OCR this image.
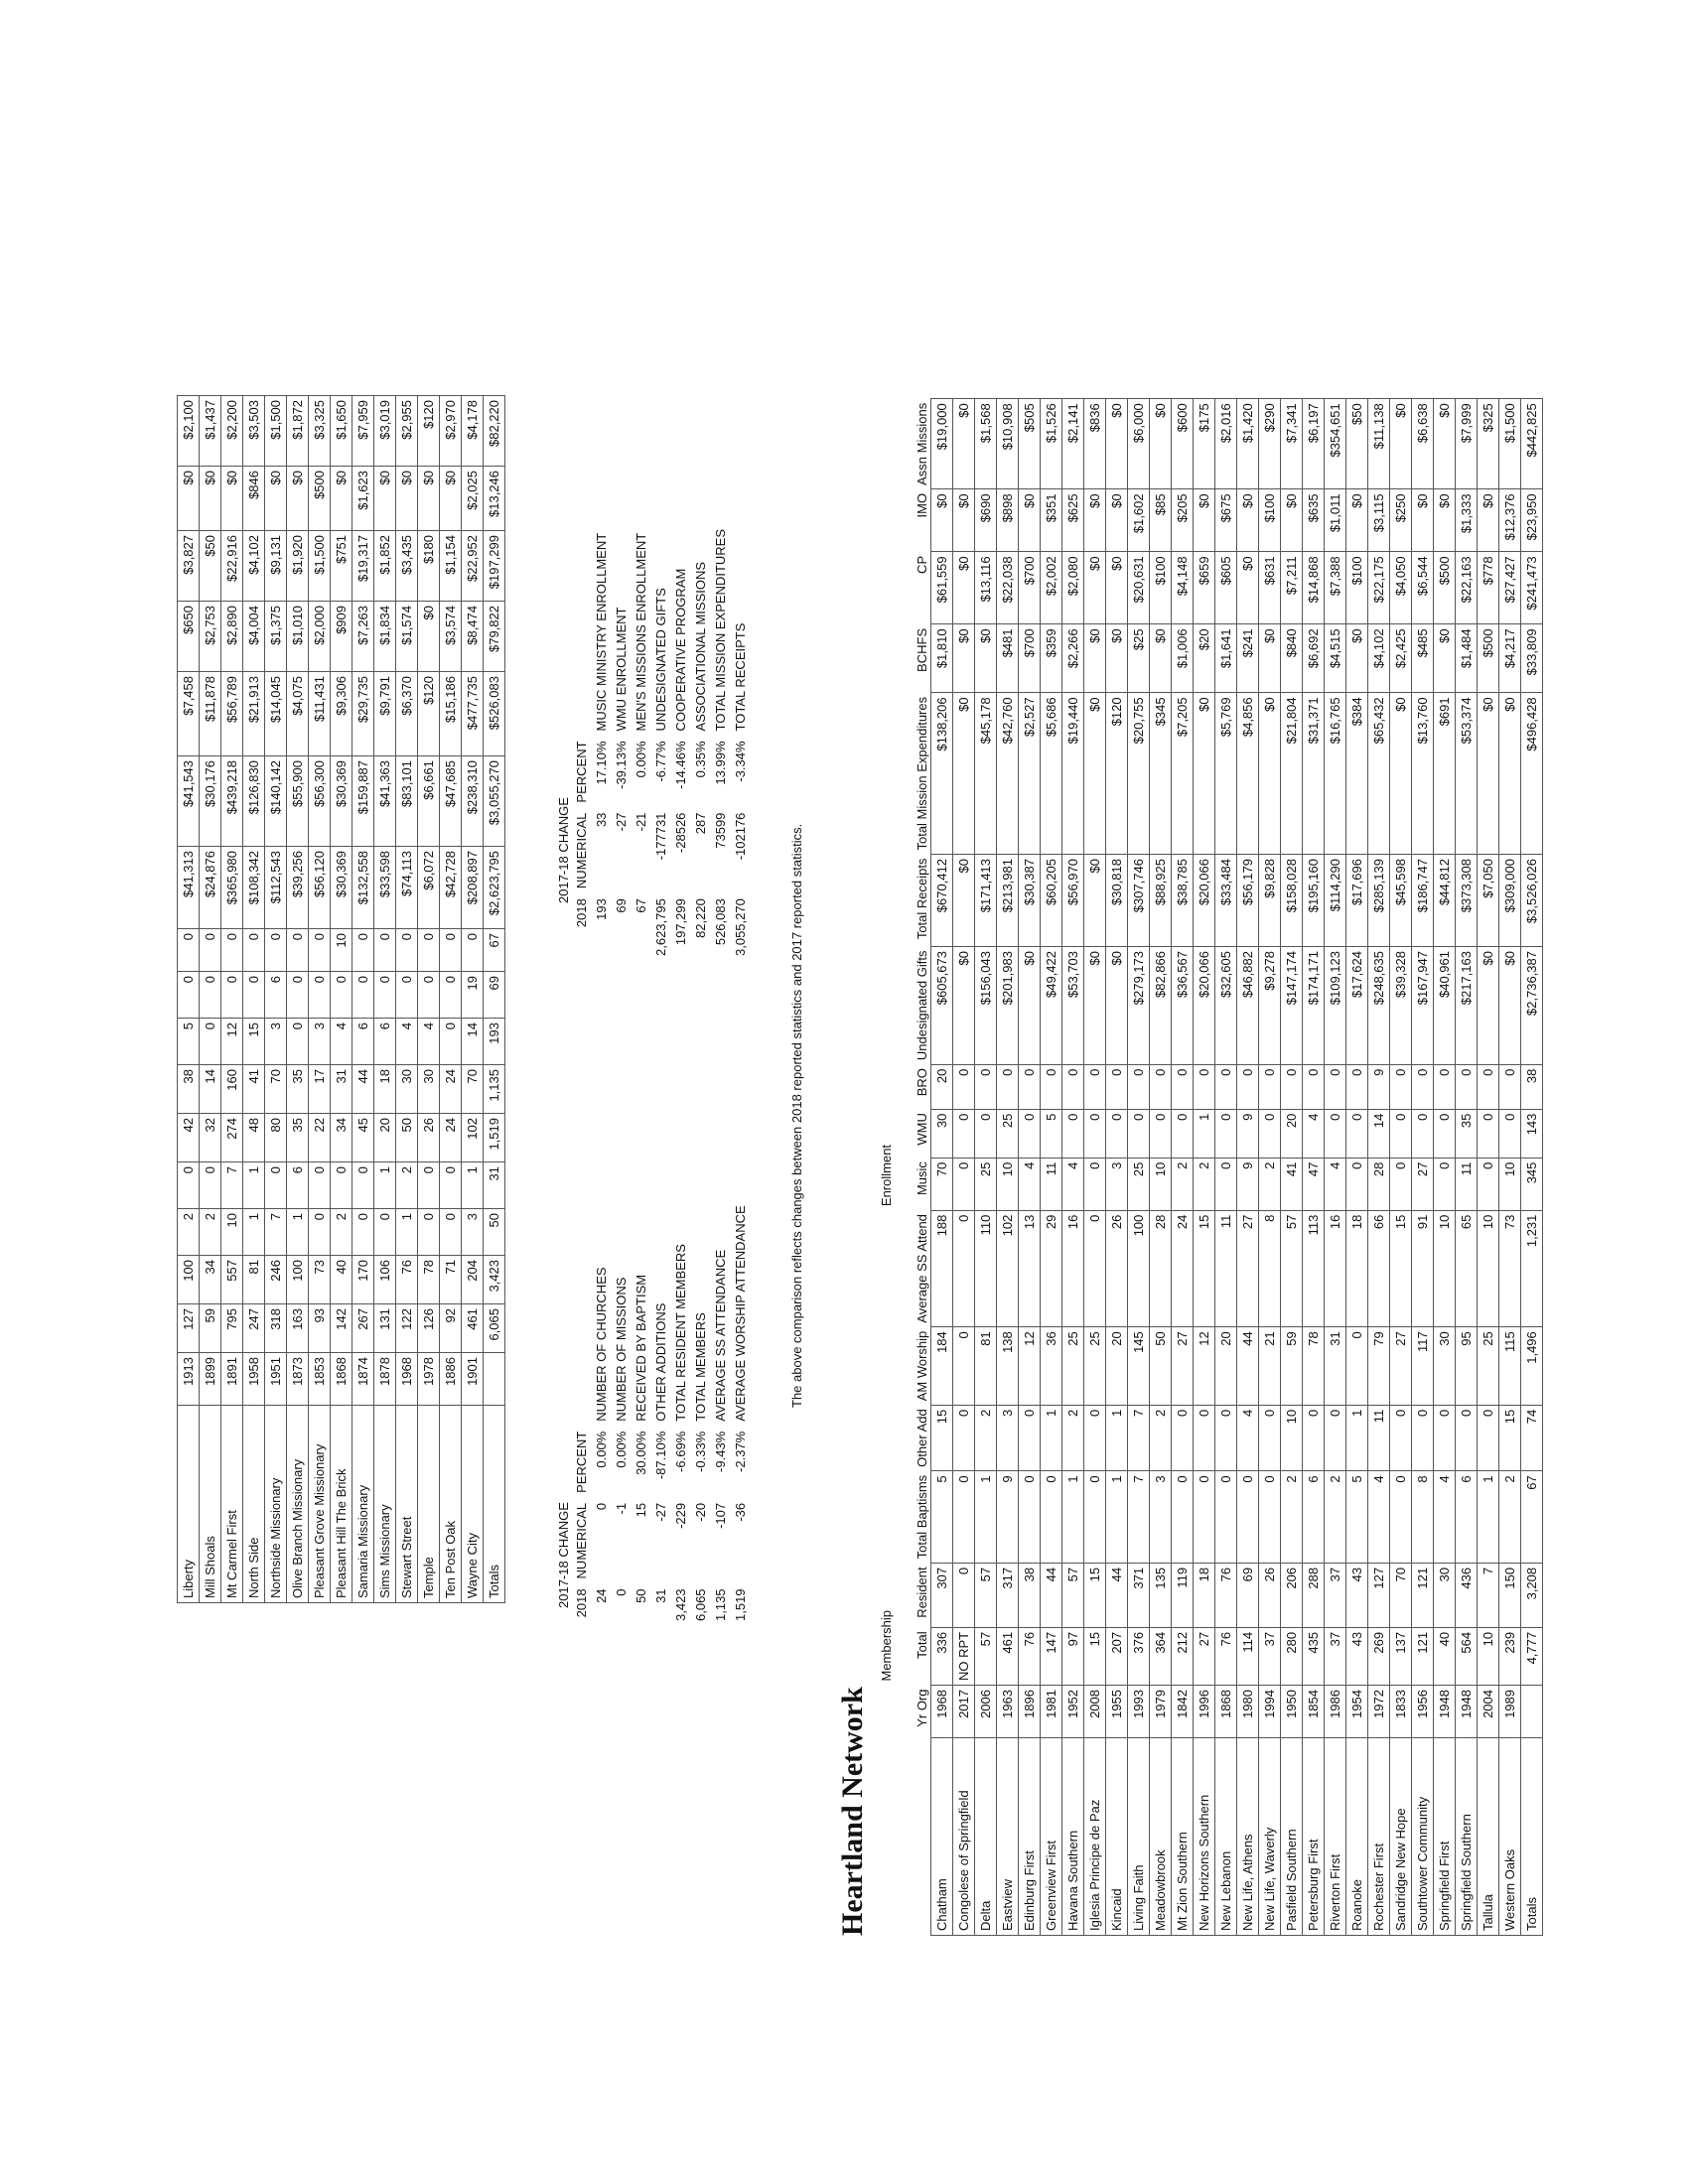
Liberty	1913	127	100	2	0	42	38	5	0	0	$41,313	$41,543	$7,458	$650	$3,827	$0	$2,100
Mill Shoals	1899	59	34	2	0	32	14	0	0	0	$24,876	$30,176	$11,878	$2,753	$50	$0	$1,437
Mt Carmel First	1891	795	557	10	7	274	160	12	0	0	$365,980	$439,218	$56,789	$2,890	$22,916	$0	$2,200
North Side	1958	247	81	1	1	48	41	15	0	0	$108,342	$126,830	$21,913	$4,004	$4,102	$846	$3,503
Northside Missionary	1951	318	246	7	0	80	70	3	6	0	$112,543	$140,142	$14,045	$1,375	$9,131	$0	$1,500
Olive Branch Missionary	1873	163	100	1	6	35	35	0	0	0	$39,256	$55,900	$4,075	$1,010	$1,920	$0	$1,872
Pleasant Grove Missionary	1853	93	73	0	0	22	17	3	0	0	$56,120	$56,300	$11,431	$2,000	$1,500	$500	$3,325
Pleasant Hill The Brick	1868	142	40	2	0	34	31	4	0	10	$30,369	$30,369	$9,306	$909	$751	$0	$1,650
Samaria Missionary	1874	267	170	0	0	45	44	6	0	0	$132,558	$159,887	$29,735	$7,263	$19,317	$1,623	$7,959
Sims Missionary	1878	131	106	0	1	20	18	6	0	0	$33,598	$41,363	$9,791	$1,834	$1,852	$0	$3,019
Stewart Street	1968	122	76	1	2	50	30	4	0	0	$74,113	$83,101	$6,370	$1,574	$3,435	$0	$2,955
Temple	1978	126	78	0	0	26	30	4	0	0	$6,072	$6,661	$120	$0	$180	$0	$120
Ten Post Oak	1886	92	71	0	0	24	24	0	0	0	$42,728	$47,685	$15,186	$3,574	$1,154	$0	$2,970
Wayne City	1901	461	204	3	1	102	70	14	19	0	$208,897	$238,310	$477,735	$8,474	$22,952	$2,025	$4,178
Totals		6,065	3,423	50	31	1,519	1,135	193	69	67	$2,623,795	$3,055,270	$526,083	$79,822	$197,299	$13,246	$82,220
2017-18 CHANGE 2018	NUMERICAL	PERCENT	
24	0	0.00%	NUMBER OF CHURCHES
0	-1	0.00%	NUMBER OF MISSIONS
50	15	30.00%	RECEIVED BY BAPTISM
31	-27	-87.10%	OTHER ADDITIONS
3,423	-229	-6.69%	TOTAL RESIDENT MEMBERS
6,065	-20	-0.33%	TOTAL MEMBERS
1,135	-107	-9.43%	AVERAGE SS ATTENDANCE
1,519	-36	-2.37%	AVERAGE WORSHIP ATTENDANCE
2017-18 CHANGE
2018	NUMERICAL	PERCENT	
193	33	17.10%	MUSIC MINISTRY ENROLLMENT
69	-27	-39.13%	WMU ENROLLMENT
67	-21	0.00%	MEN'S MISSIONS ENROLLMENT
2,623,795	-177731	-6.77%	UNDESIGNATED GIFTS
197,299	-28526	-14.46%	COOPERATIVE PROGRAM
82,220	287	0.35%	ASSOCIATIONAL MISSIONS
526,083	73599	13.99%	TOTAL MISSION EXPENDITURES
3,055,270	-102176	-3.34%	TOTAL RECEIPTS
The above comparison reflects changes between 2018 reported statistics and 2017 reported statistics.
Heartland Network
		Membership						Enrollment									
	Yr Org	Total	Resident	Total Baptisms	Other Add	AM Worship	Average SS Attend	Music	WMU	BRO	Undesignated Gifts	Total Receipts	Total Mission Expenditures	BCHFS	CP	IMO	Assn Missions
Chatham	1968	336	307	5	15	184	188	70	30	20	$605,673	$670,412	$138,206	$1,810	$61,559	$0	$19,000
Congolese of Springfield	2017	NO RPT	0	0	0	0	0	0	0	0	$0	$0	$0	$0	$0	$0	$0
Delta	2006	57	57	1	2	81	110	25	0	0	$156,043	$171,413	$45,178	$0	$13,116	$690	$1,568
Eastview	1963	461	317	9	3	138	102	10	25	0	$201,983	$213,981	$42,760	$481	$22,038	$898	$10,908
Edinburg First	1896	76	38	0	0	12	13	4	0	0	$0	$30,387	$2,527	$700	$700	$0	$505
Greenview First	1981	147	44	0	1	36	29	11	5	0	$49,422	$60,205	$5,686	$359	$2,002	$351	$1,526
Havana Southern	1952	97	57	1	2	25	16	4	0	0	$53,703	$56,970	$19,440	$2,266	$2,080	$625	$2,141
Iglesia Principe de Paz	2008	15	15	0	0	25	0	0	0	0	$0	$0	$0	$0	$0	$0	$836
Kincaid	1955	207	44	1	1	20	26	3	0	0	$0	$30,818	$120	$0	$0	$0	$0
Living Faith	1993	376	371	7	7	145	100	25	0	0	$279,173	$307,746	$20,755	$25	$20,631	$1,602	$6,000
Meadowbrook	1979	364	135	3	2	50	28	10	0	0	$82,866	$88,925	$345	$0	$100	$85	$0
Mt Zion Southern	1842	212	119	0	0	27	24	2	0	0	$36,567	$38,785	$7,205	$1,006	$4,148	$205	$600
New Horizons Southern	1996	27	18	0	0	12	15	2	1	0	$20,066	$20,066	$0	$20	$659	$0	$175
New Lebanon	1868	76	76	0	0	20	11	0	0	0	$32,605	$33,484	$5,769	$1,641	$605	$675	$2,016
New Life, Athens	1980	114	69	0	4	44	27	9	9	0	$46,882	$56,179	$4,856	$241	$0	$0	$1,420
New Life, Waverly	1994	37	26	0	0	21	8	2	0	0	$9,278	$9,828	$0	$0	$631	$100	$290
Pasfield Southern	1950	280	206	2	10	59	57	41	20	0	$147,174	$158,028	$21,804	$840	$7,211	$0	$7,341
Petersburg First	1854	435	288	6	0	78	113	47	4	0	$174,171	$195,160	$31,371	$6,692	$14,868	$635	$6,197
Riverton First	1986	37	37	2	0	31	16	4	0	0	$109,123	$114,290	$16,765	$4,515	$7,388	$1,011	$354,651
Roanoke	1954	43	43	5	1	0	18	0	0	0	$17,624	$17,696	$384	$0	$100	$0	$50
Rochester First	1972	269	127	4	11	79	66	28	14	9	$248,635	$285,139	$65,432	$4,102	$22,175	$3,115	$11,138
Sandridge New Hope	1833	137	70	0	0	27	15	0	0	0	$39,328	$45,598	$0	$2,425	$4,050	$250	$0
Southtower Community	1956	121	121	8	0	117	91	27	0	0	$167,947	$186,747	$13,760	$485	$6,544	$0	$6,638
Springfield First	1948	40	30	4	0	30	10	0	0	0	$40,961	$44,812	$691	$0	$500	$0	$0
Springfield Southern	1948	564	436	6	0	95	65	11	35	0	$217,163	$373,308	$53,374	$1,484	$22,163	$1,333	$7,999
Tallula	2004	10	7	1	0	25	10	0	0	0	$0	$7,050	$0	$500	$778	$0	$325
Western Oaks	1989	239	150	2	15	115	73	10	0	0	$0	$309,000	$0	$4,217	$27,427	$12,376	$1,500
Totals		4,777	3,208	67	74	1,496	1,231	345	143	38	$2,736,387	$3,526,026	$496,428	$33,809	$241,473	$23,950	$442,825
